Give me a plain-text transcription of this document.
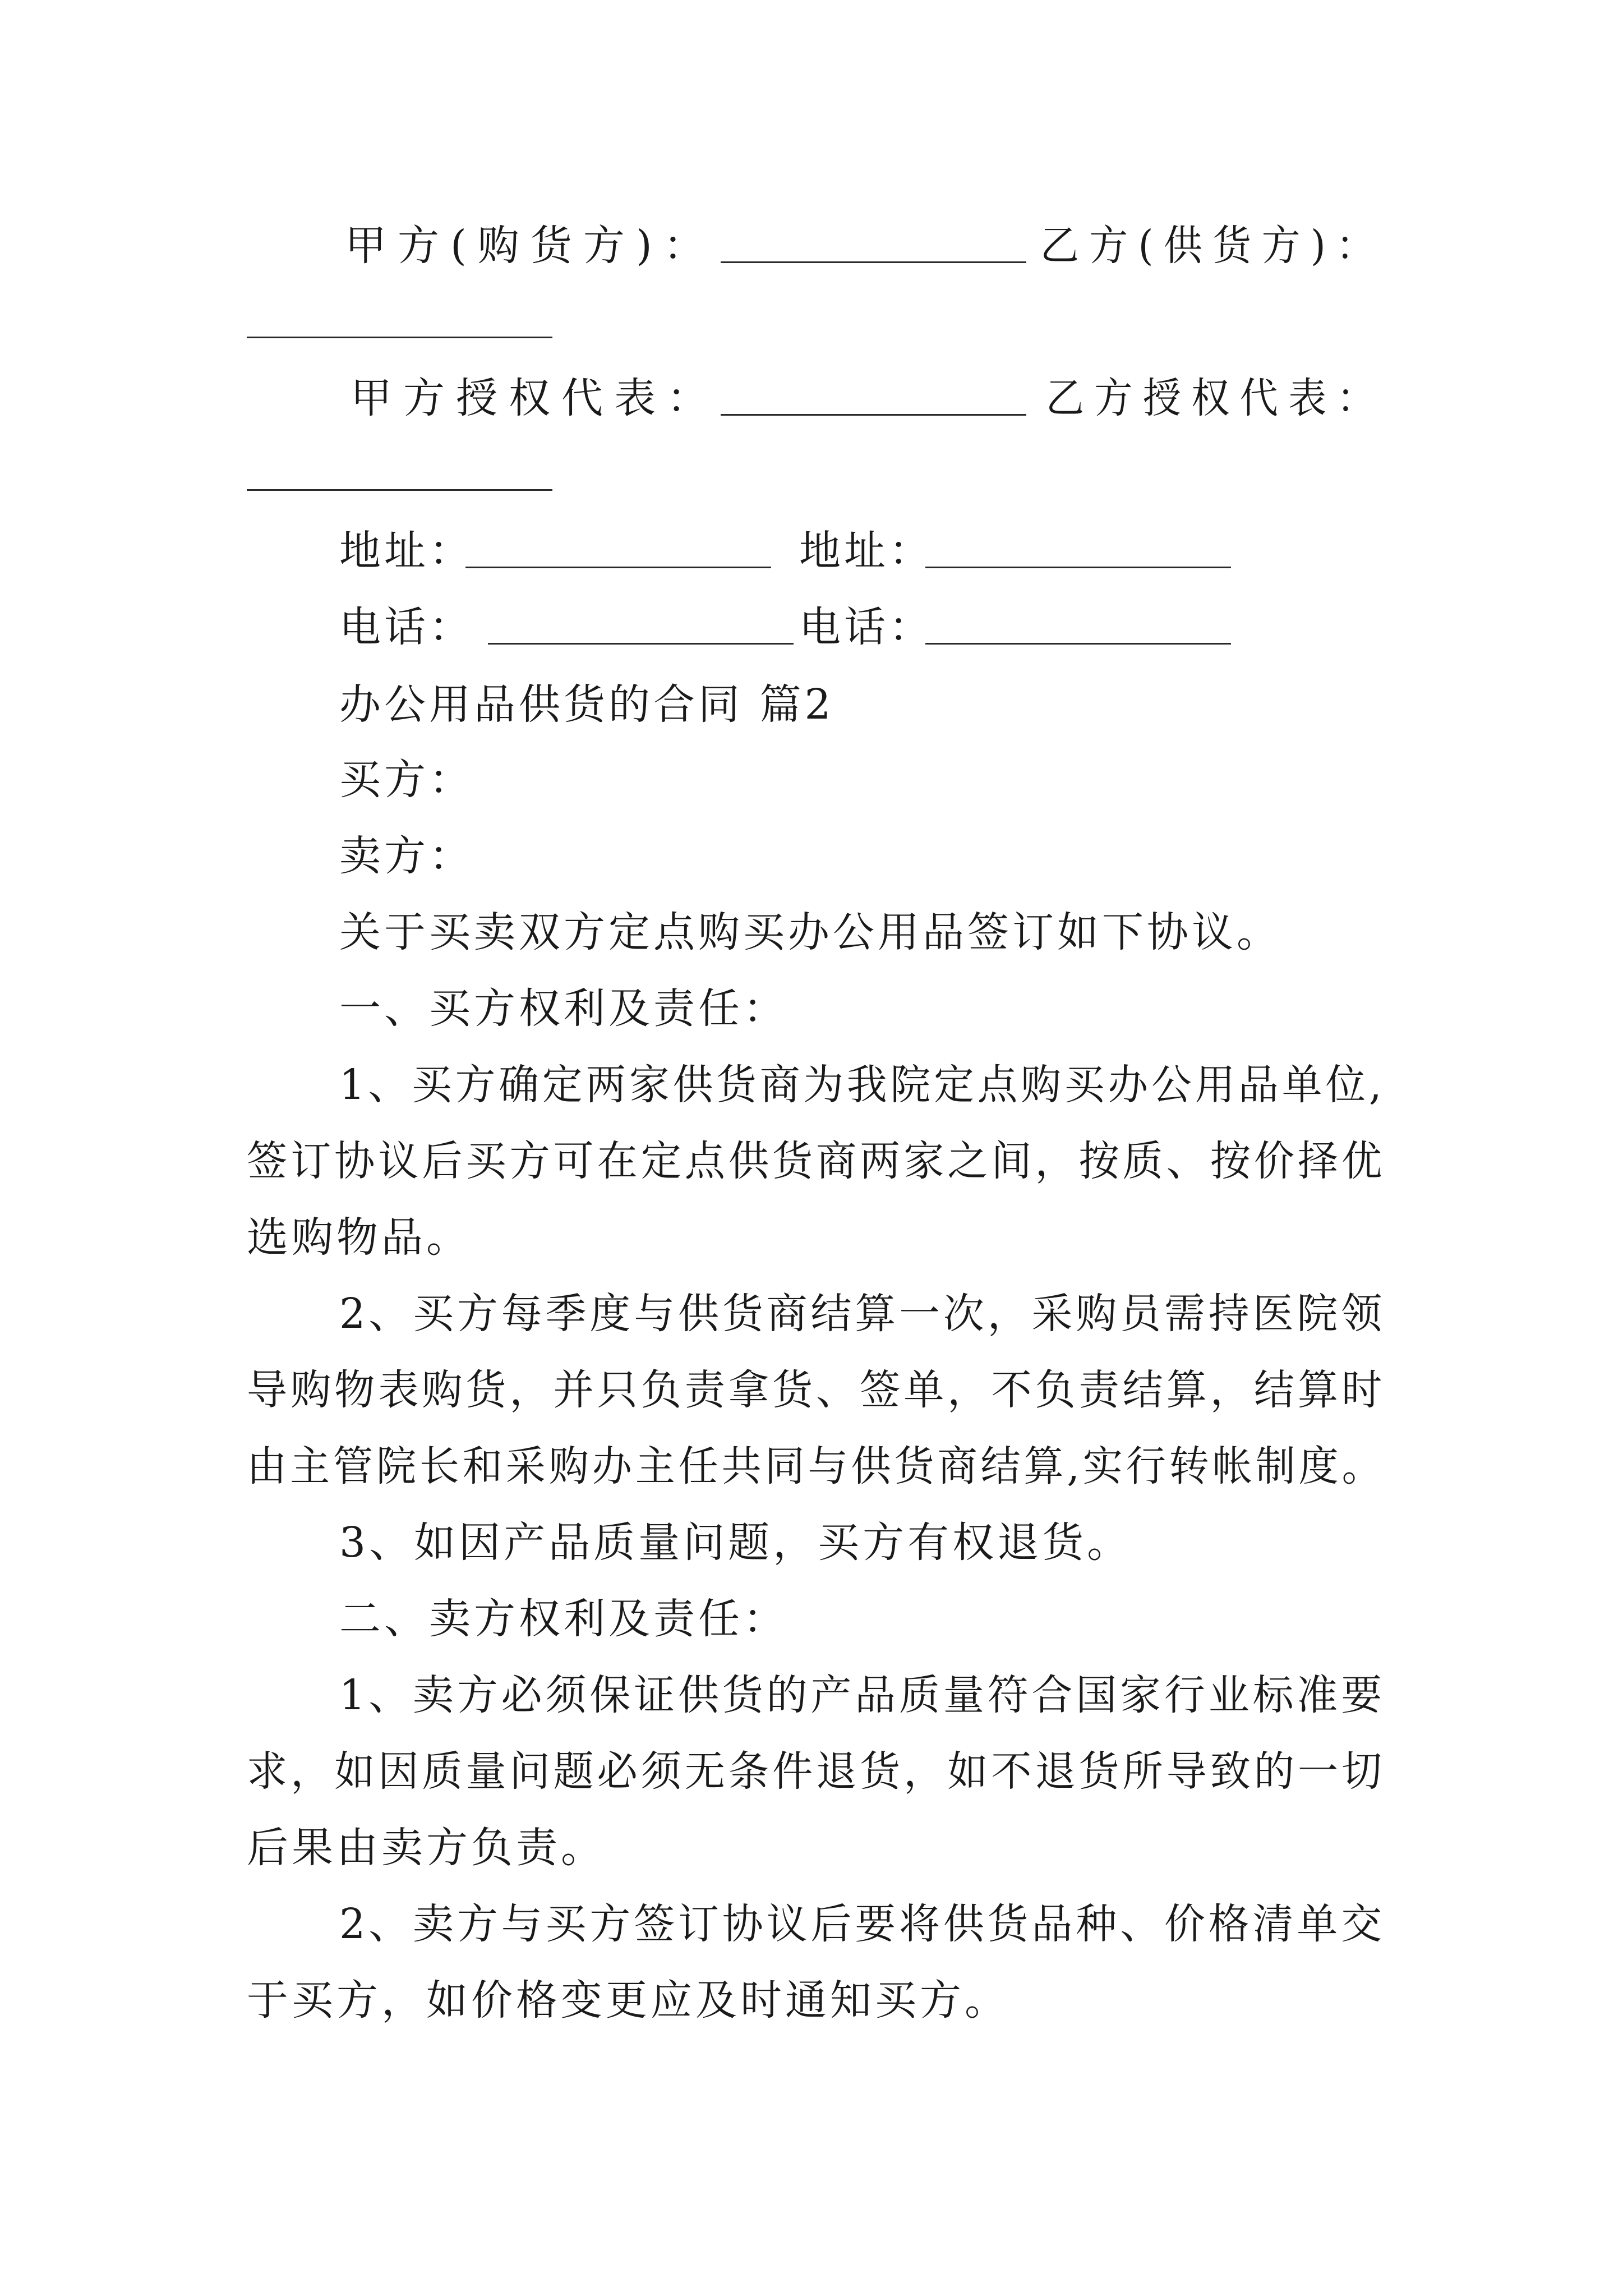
甲方(购货方)：	乙方(供货方)：
甲方授权代表：	乙方授权代表：
地址：	地址：
电话：	电话：
办公用品供货的合同 篇2
买方：
卖方：
关于买卖双方定点购买办公用品签订如下协议。
一、买方权利及责任：
1、买方确定两家供货商为我院定点购买办公用品单位,
签订协议后买方可在定点供货商两家之间，按质、按价择优
选购物品。
2、买方每季度与供货商结算一次，采购员需持医院领
导购物表购货，并只负责拿货、签单，不负责结算，结算时
由主管院长和采购办主任共同与供货商结算,实行转帐制度。
3、如因产品质量问题，买方有权退货。
二、卖方权利及责任：
1、卖方必须保证供货的产品质量符合国家行业标准要
求，如因质量问题必须无条件退货，如不退货所导致的一切
后果由卖方负责。
2、卖方与买方签订协议后要将供货品种、价格清单交
于买方，如价格变更应及时通知买方。
